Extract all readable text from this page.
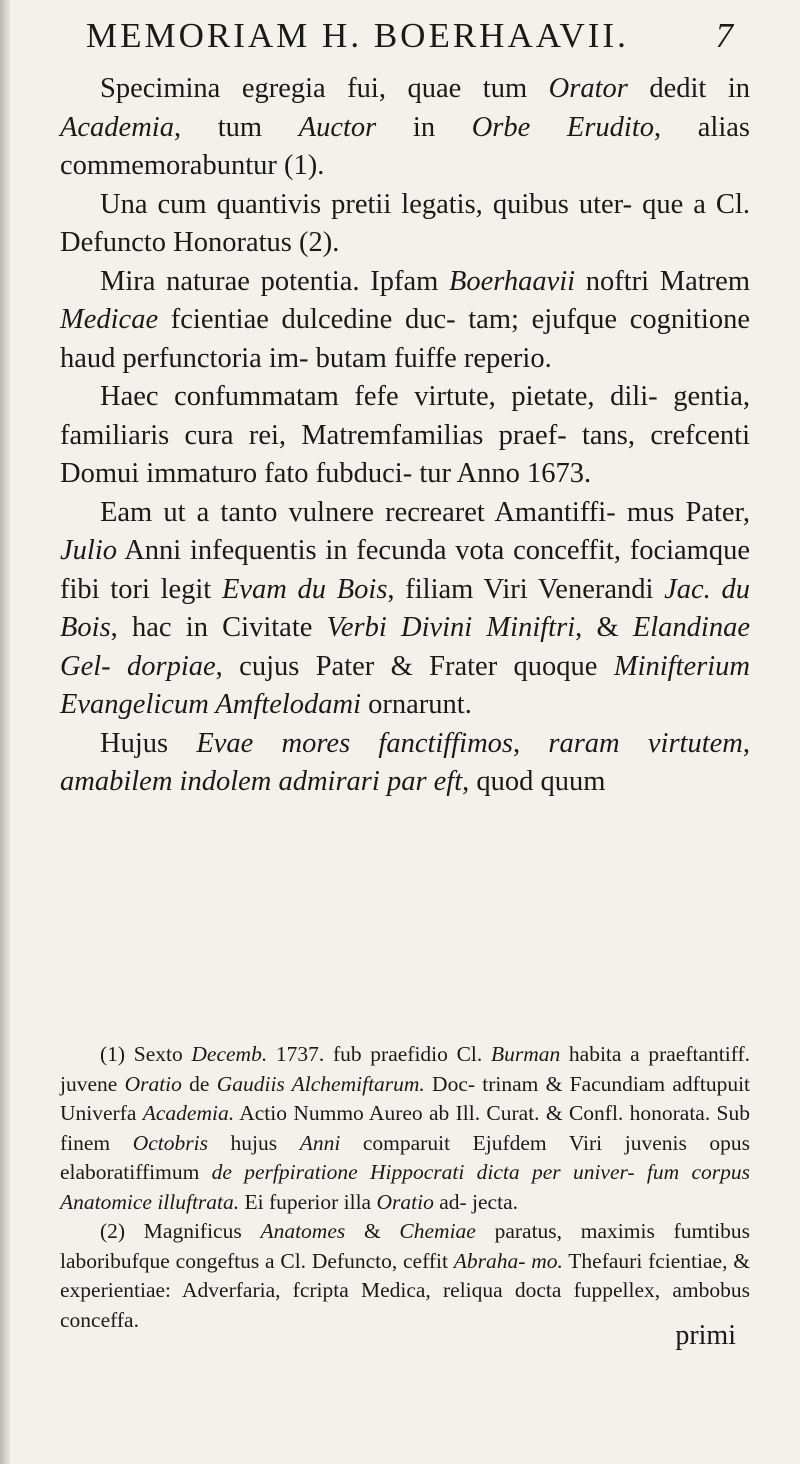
MEMORIAM H. BOERHAAVII. 7

Specimina egregia fui, quae tum Orator dedit in Academia, tum Auctor in Orbe Erudito, alias commemorabuntur (1).

Una cum quantivis pretii legatis, quibus uter- que a Cl. Defuncto Honoratus (2).

Mira naturae potentia. Ipfam Boerhaavii noftri Matrem Medicae fcientiae dulcedine duc- tam; ejufque cognitione haud perfunctoria im- butam fuiffe reperio.

Haec confummatam fefe virtute, pietate, dili- gentia, familiaris cura rei, Matremfamilias praef- tans, crefcenti Domui immaturo fato fubduci- tur Anno 1673.

Eam ut a tanto vulnere recrearet Amantiffi- mus Pater, Julio Anni infequentis in fecunda vota conceffit, fociamque fibi tori legit Evam du Bois, filiam Viri Venerandi Jac. du Bois, hac in Civitate Verbi Divini Miniftri, & Elandinae Gel- dorpiae, cujus Pater & Frater quoque Minifterium Evangelicum Amftelodami ornarunt.

Hujus Evae mores fanctiffimos, raram virtutem, amabilem indolem admirari par eft, quod quum

(1) Sexto Decemb. 1737. fub praefidio Cl. Burman habita a praeftantiff. juvene Oratio de Gaudiis Alchemiftarum. Doc- trinam & Facundiam adftupuit Univerfa Academia. Actio Nummo Aureo ab Ill. Curat. & Confl. honorata. Sub finem Octobris hujus Anni comparuit Ejufdem Viri juvenis opus elaboratiffimum de perfpiratione Hippocrati dicta per univer- fum corpus Anatomice illuftrata. Ei fuperior illa Oratio ad- jecta.

(2) Magnificus Anatomes & Chemiae paratus, maximis fumtibus laboribufque congeftus a Cl. Defuncto, ceffit Abraha- mo. Thefauri fcientiae, & experientiae: Adverfaria, fcripta Medica, reliqua docta fuppellex, ambobus conceffa.

primi
